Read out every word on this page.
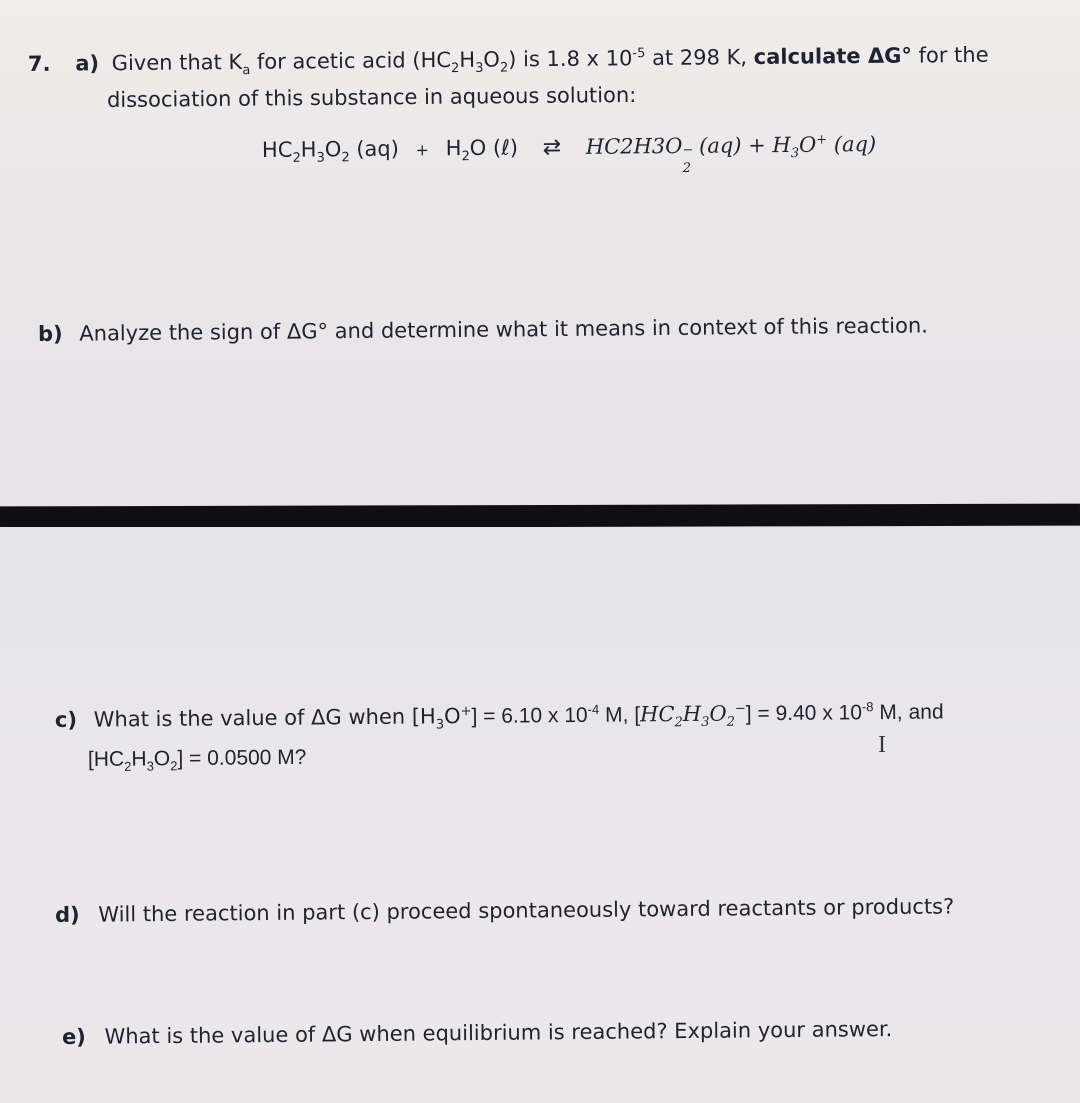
7. a) Given that $K_a$ for acetic acid $(HC_2H_3O_2)$ is 1.8 x $10^{-5}$ at 298 K, calculate ΔG° for the
dissociation of this substance in aqueous solution:
$HC_2H_3O_2$ $(aq) + H_2O$ (ℓ) ⇄ HC2H3O −
2
$(aq) + H_3O^+$ (aq)
b) Analyze the sign of ΔG° and determine what it means in context of this reaction.
c) What is the value of ΔG when $[H_3O^+] = 6.10$ x $10^{-4}$ M, $[HC_2H_3O_2^-] = 9.40$ x $10^{-8}$ M, and
$[HC_2H_3O_2] = 0.0500$ M?
I
d) Will the reaction in part (c) proceed spontaneously toward reactants or products?
e) What is the value of ΔG when equilibrium is reached? Explain your answer.
